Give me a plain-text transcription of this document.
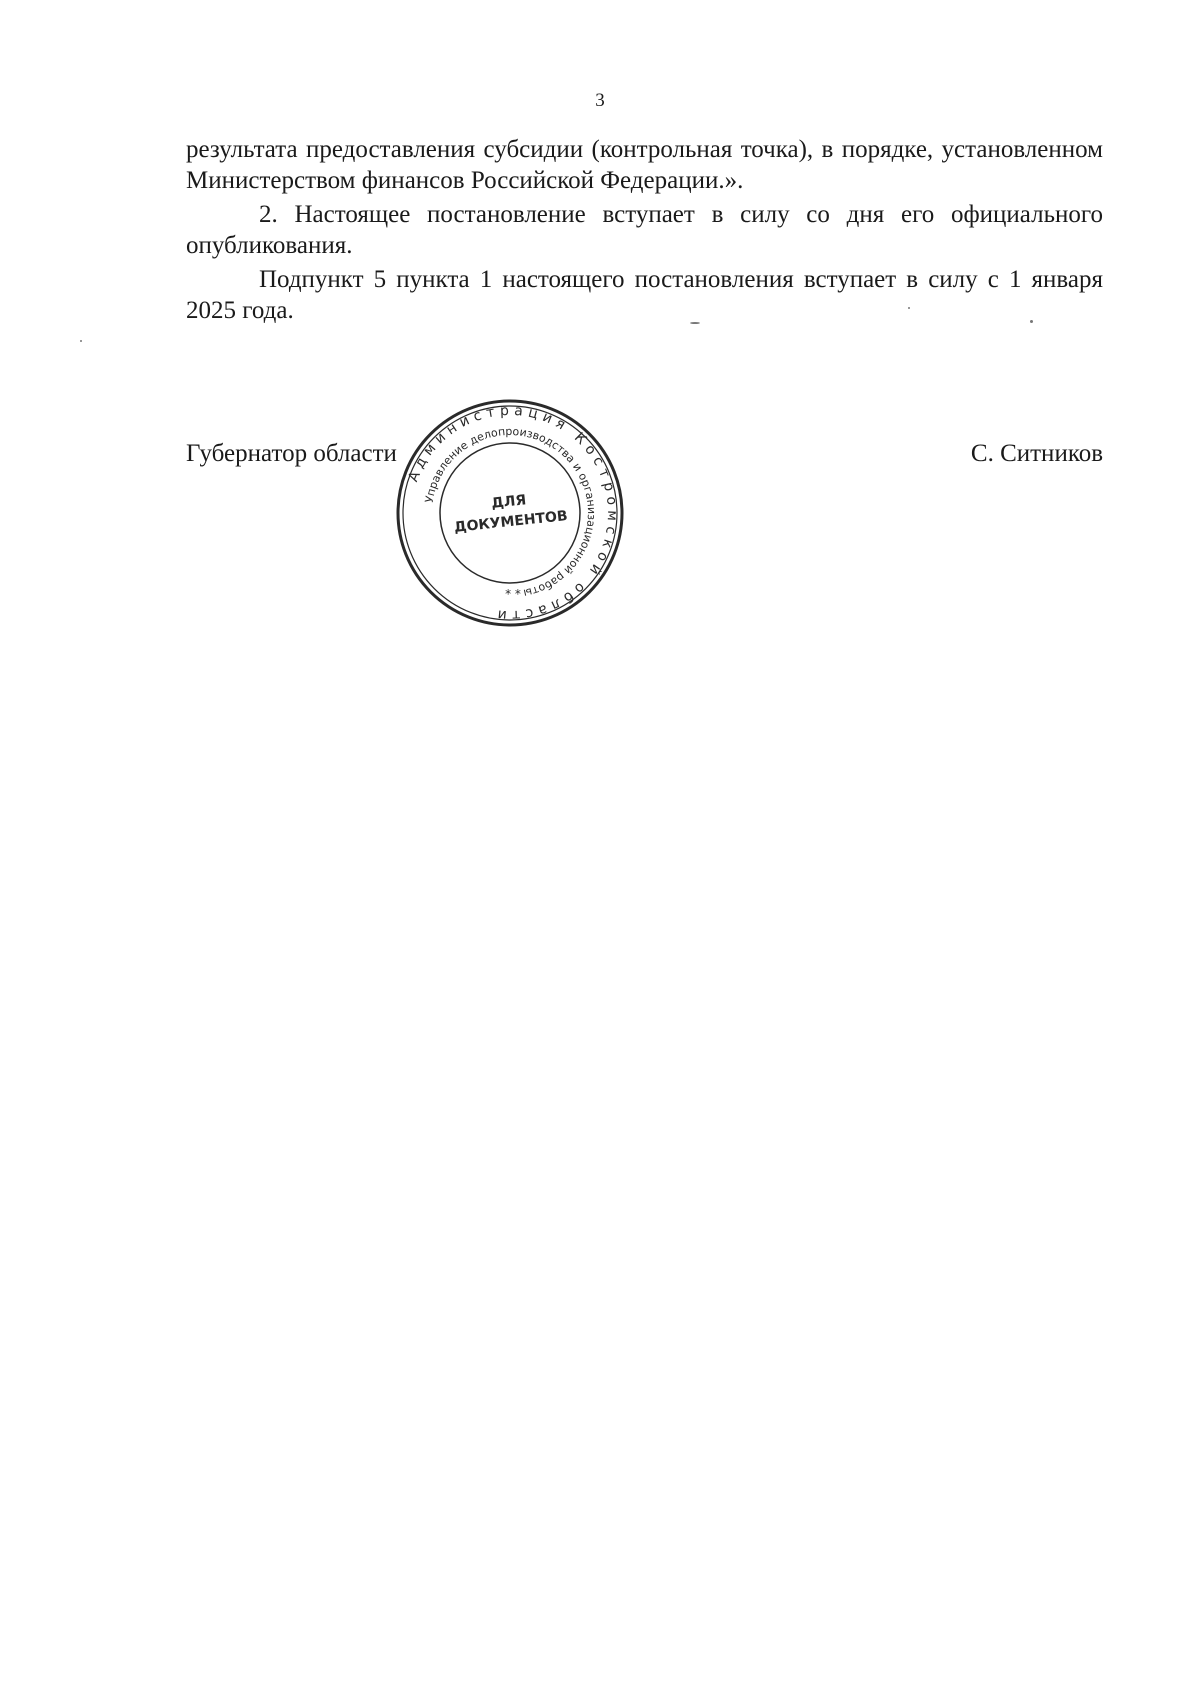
3

результата предоставления субсидии (контрольная точка), в порядке, установленном Министерством финансов Российской Федерации.».

2. Настоящее постановление вступает в силу со дня его официального опубликования.

Подпункт 5 пункта 1 настоящего постановления вступает в силу с 1 января 2025 года.

Губернатор области	С. Ситников
Администрация Костромской области
Управление делопроизводства и организационной работы
ДЛЯ
ДОКУМЕНТОВ
* *
